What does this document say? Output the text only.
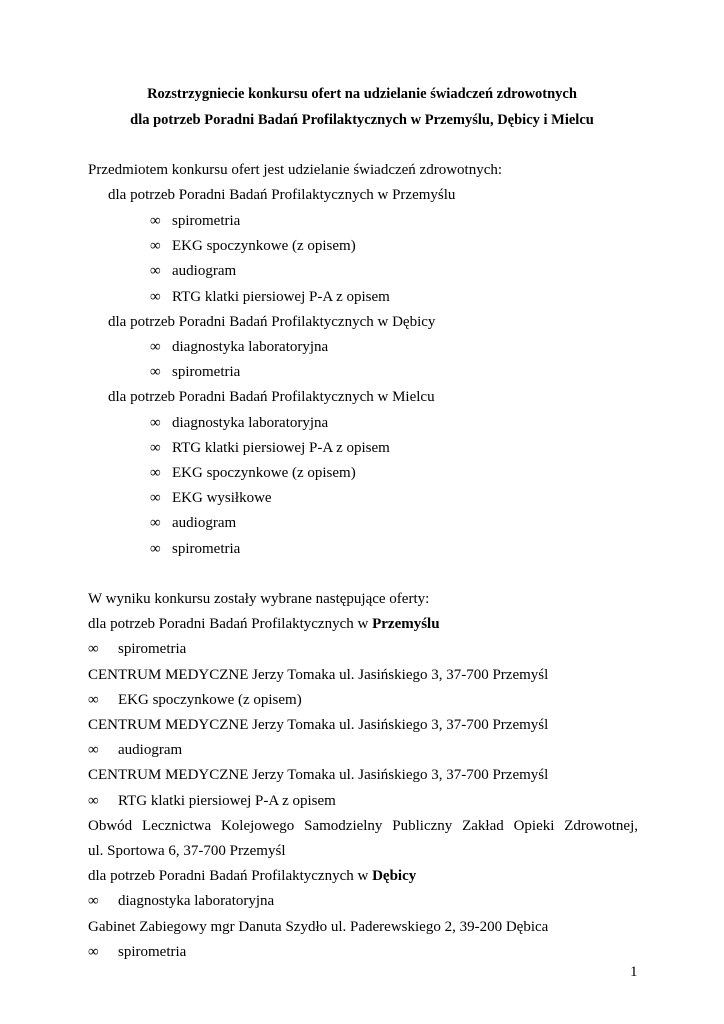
Rozstrzygniecie konkursu ofert na udzielanie świadczeń zdrowotnych
dla potrzeb Poradni Badań Profilaktycznych w Przemyślu, Dębicy i Mielcu
Przedmiotem konkursu ofert jest udzielanie świadczeń zdrowotnych:
dla potrzeb Poradni Badań Profilaktycznych w Przemyślu
∞ spirometria
∞ EKG spoczynkowe (z opisem)
∞ audiogram
∞ RTG klatki piersiowej P-A z opisem
dla potrzeb Poradni Badań Profilaktycznych w Dębicy
∞ diagnostyka laboratoryjna
∞ spirometria
dla potrzeb Poradni Badań Profilaktycznych w Mielcu
∞ diagnostyka laboratoryjna
∞ RTG klatki piersiowej P-A z opisem
∞ EKG spoczynkowe (z opisem)
∞ EKG wysiłkowe
∞ audiogram
∞ spirometria
W wyniku konkursu zostały wybrane następujące oferty:
dla potrzeb Poradni Badań Profilaktycznych w Przemyślu
∞ spirometria
CENTRUM MEDYCZNE Jerzy Tomaka ul. Jasińskiego 3, 37-700 Przemyśl
∞ EKG spoczynkowe (z opisem)
CENTRUM MEDYCZNE Jerzy Tomaka ul. Jasińskiego 3, 37-700 Przemyśl
∞ audiogram
CENTRUM MEDYCZNE Jerzy Tomaka ul. Jasińskiego 3, 37-700 Przemyśl
∞ RTG klatki piersiowej P-A z opisem
Obwód Lecznictwa Kolejowego Samodzielny Publiczny Zakład Opieki Zdrowotnej,
ul. Sportowa 6, 37-700 Przemyśl
dla potrzeb Poradni Badań Profilaktycznych w Dębicy
∞ diagnostyka laboratoryjna
Gabinet Zabiegowy mgr Danuta Szydło ul. Paderewskiego 2, 39-200 Dębica
∞ spirometria
1
